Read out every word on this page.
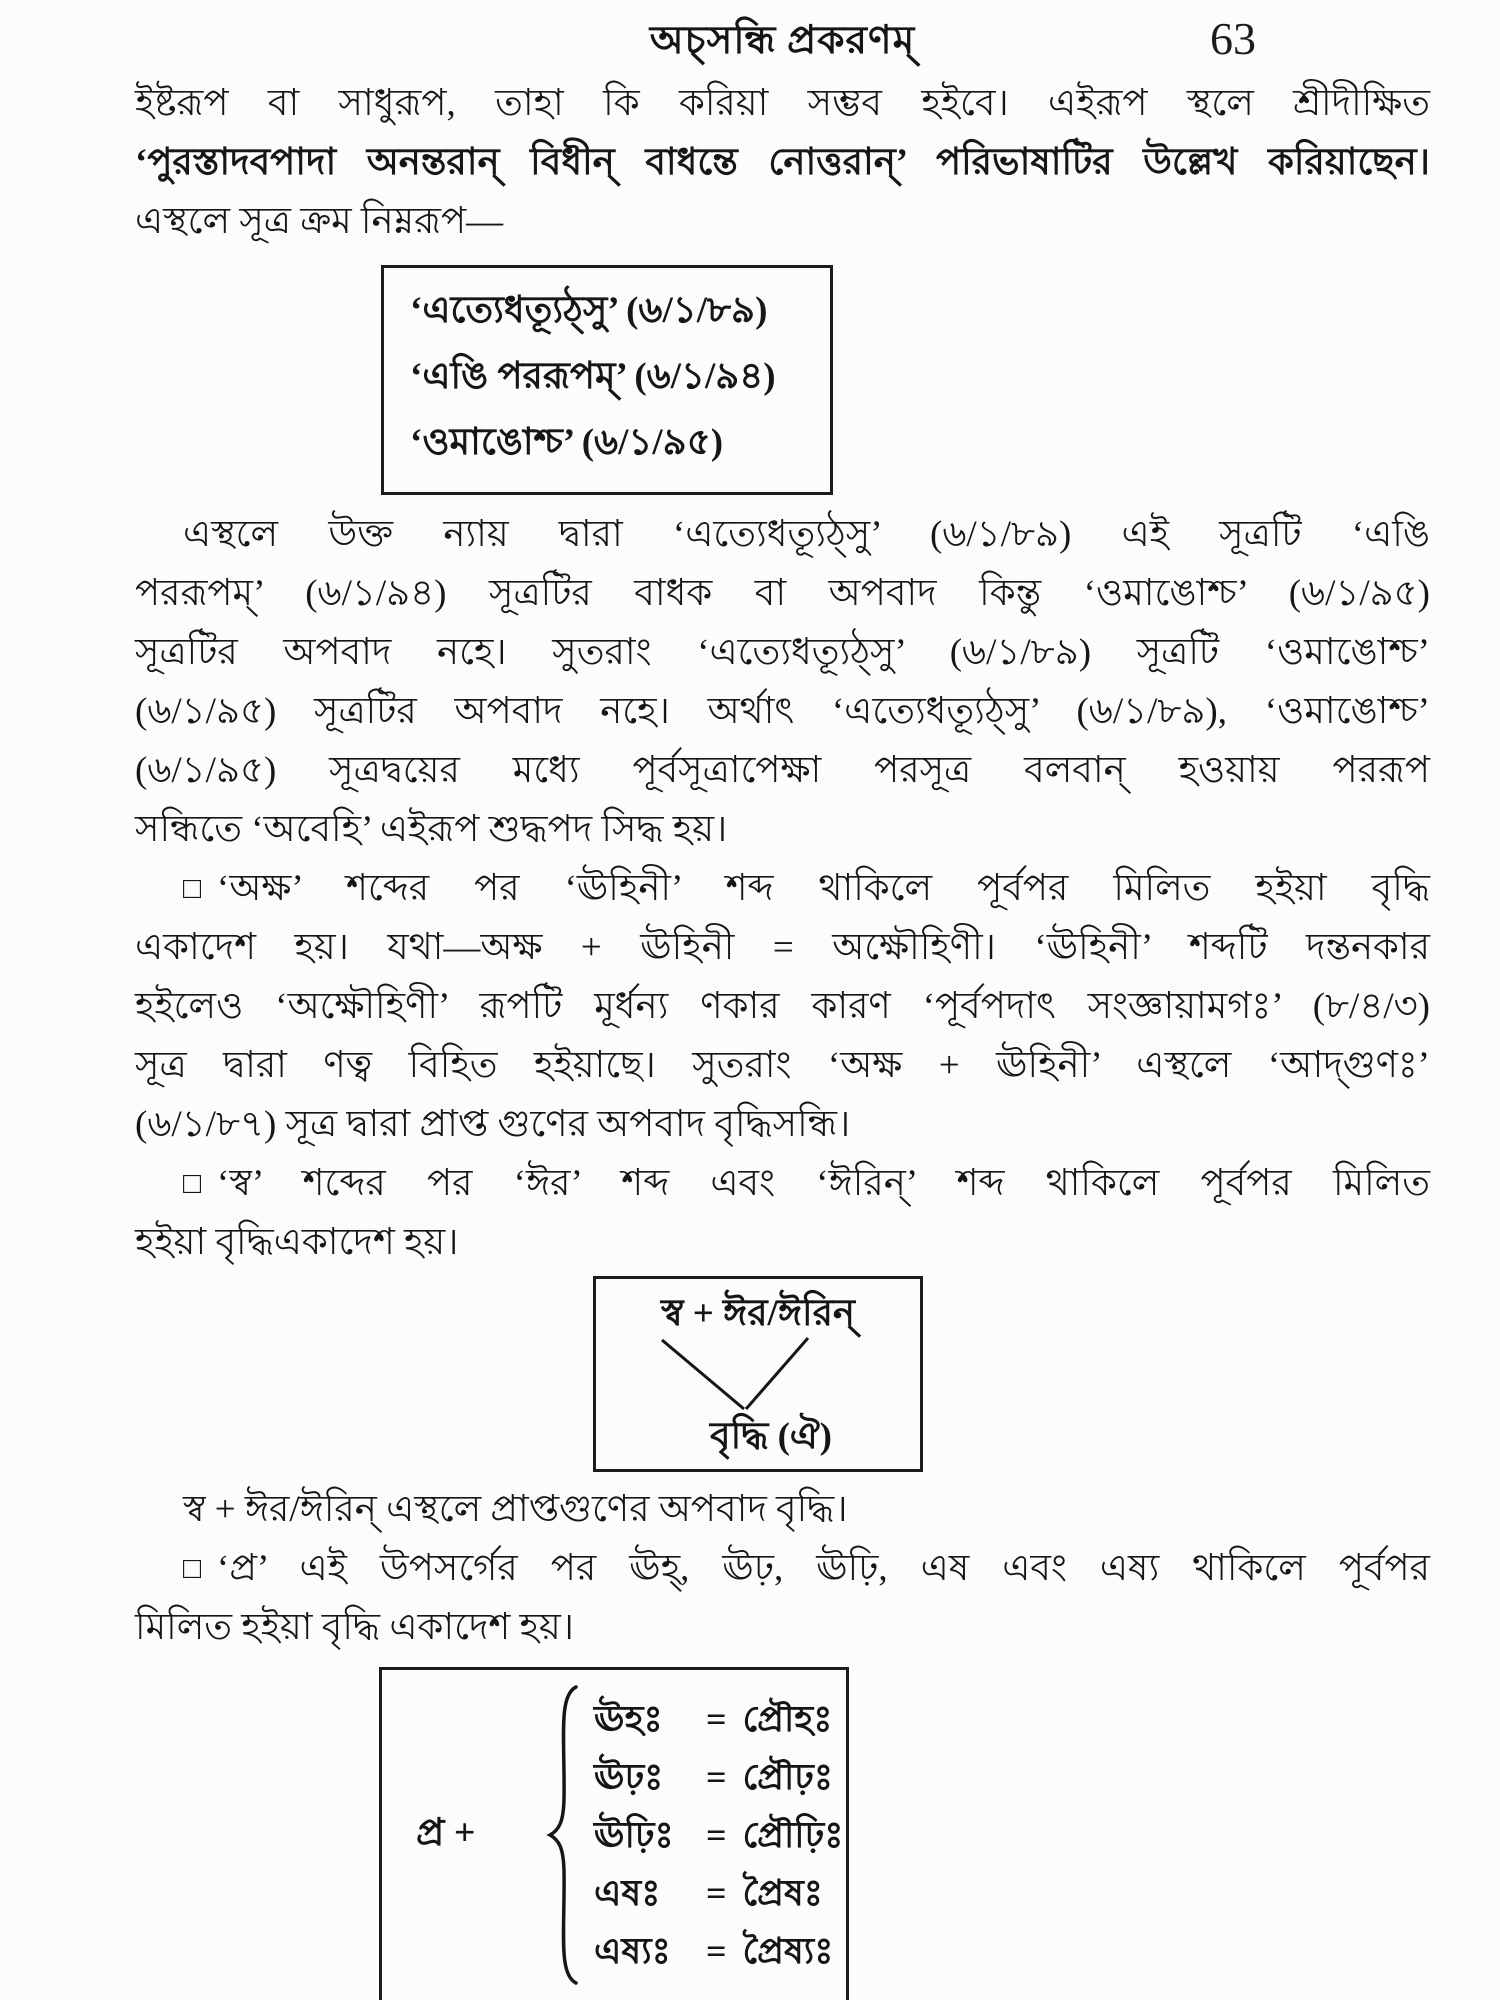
অচ্‌সন্ধি প্রকরণম্	63
ইষ্টরূপ বা সাধুরূপ, তাহা কি করিয়া সম্ভব হইবে। এইরূপ স্থলে শ্রীদীক্ষিত
‘পুরস্তাদবপাদা অনন্তরান্ বিধীন্ বাধন্তে নোত্তরান্’ পরিভাষাটির উল্লেখ করিয়াছেন।
এস্থলে সূত্র ক্রম নিম্নরূপ—
‘এত্যেধত্যূঠ্‌সু’ (৬/১/৮৯)
‘এঙি পররূপম্’ (৬/১/৯৪)
‘ওমাঙোশ্চ’ (৬/১/৯৫)
এস্থলে উক্ত ন্যায় দ্বারা ‘এত্যেধত্যূঠ্‌সু’ (৬/১/৮৯) এই সূত্রটি ‘এঙি
পররূপম্’ (৬/১/৯৪) সূত্রটির বাধক বা অপবাদ কিন্তু ‘ওমাঙোশ্চ’ (৬/১/৯৫)
সূত্রটির অপবাদ নহে। সুতরাং ‘এত্যেধত্যূঠ্‌সু’ (৬/১/৮৯) সূত্রটি ‘ওমাঙোশ্চ’
(৬/১/৯৫) সূত্রটির অপবাদ নহে। অর্থাৎ ‘এত্যেধত্যূঠ্‌সু’ (৬/১/৮৯), ‘ওমাঙোশ্চ’
(৬/১/৯৫) সূত্রদ্বয়ের মধ্যে পূর্বসূত্রাপেক্ষা পরসূত্র বলবান্ হওয়ায় পররূপ
সন্ধিতে ‘অবেহি’ এইরূপ শুদ্ধপদ সিদ্ধ হয়।
□ ‘অক্ষ’ শব্দের পর ‘ঊহিনী’ শব্দ থাকিলে পূর্বপর মিলিত হইয়া বৃদ্ধি
একাদেশ হয়। যথা—অক্ষ + ঊহিনী = অক্ষৌহিণী। ‘ঊহিনী’ শব্দটি দন্তনকার
হইলেও ‘অক্ষৌহিণী’ রূপটি মূর্ধন্য ণকার কারণ ‘পূর্বপদাৎ সংজ্ঞায়ামগঃ’ (৮/৪/৩)
সূত্র দ্বারা ণত্ব বিহিত হইয়াছে। সুতরাং ‘অক্ষ + ঊহিনী’ এস্থলে ‘আদ্‌গুণঃ’
(৬/১/৮৭) সূত্র দ্বারা প্রাপ্ত গুণের অপবাদ বৃদ্ধিসন্ধি।
□ ‘স্ব’ শব্দের পর ‘ঈর’ শব্দ এবং ‘ঈরিন্’ শব্দ থাকিলে পূর্বপর মিলিত
হইয়া বৃদ্ধিএকাদেশ হয়।
স্ব + ঈর/ঈরিন্
বৃদ্ধি (ঐ)
স্ব + ঈর/ঈরিন্ এস্থলে প্রাপ্তগুণের অপবাদ বৃদ্ধি।
□ ‘প্র’ এই উপসর্গের পর ঊহ্, ঊঢ়, ঊঢ়ি, এষ এবং এষ্য থাকিলে পূর্বপর
মিলিত হইয়া বৃদ্ধি একাদেশ হয়।
প্র +
ঊহঃ = প্রৌহঃ
ঊঢ়ঃ = প্রৌঢ়ঃ
ঊঢ়িঃ = প্রৌঢ়িঃ
এষঃ = প্রৈষঃ
এষ্যঃ = প্রৈষ্যঃ
